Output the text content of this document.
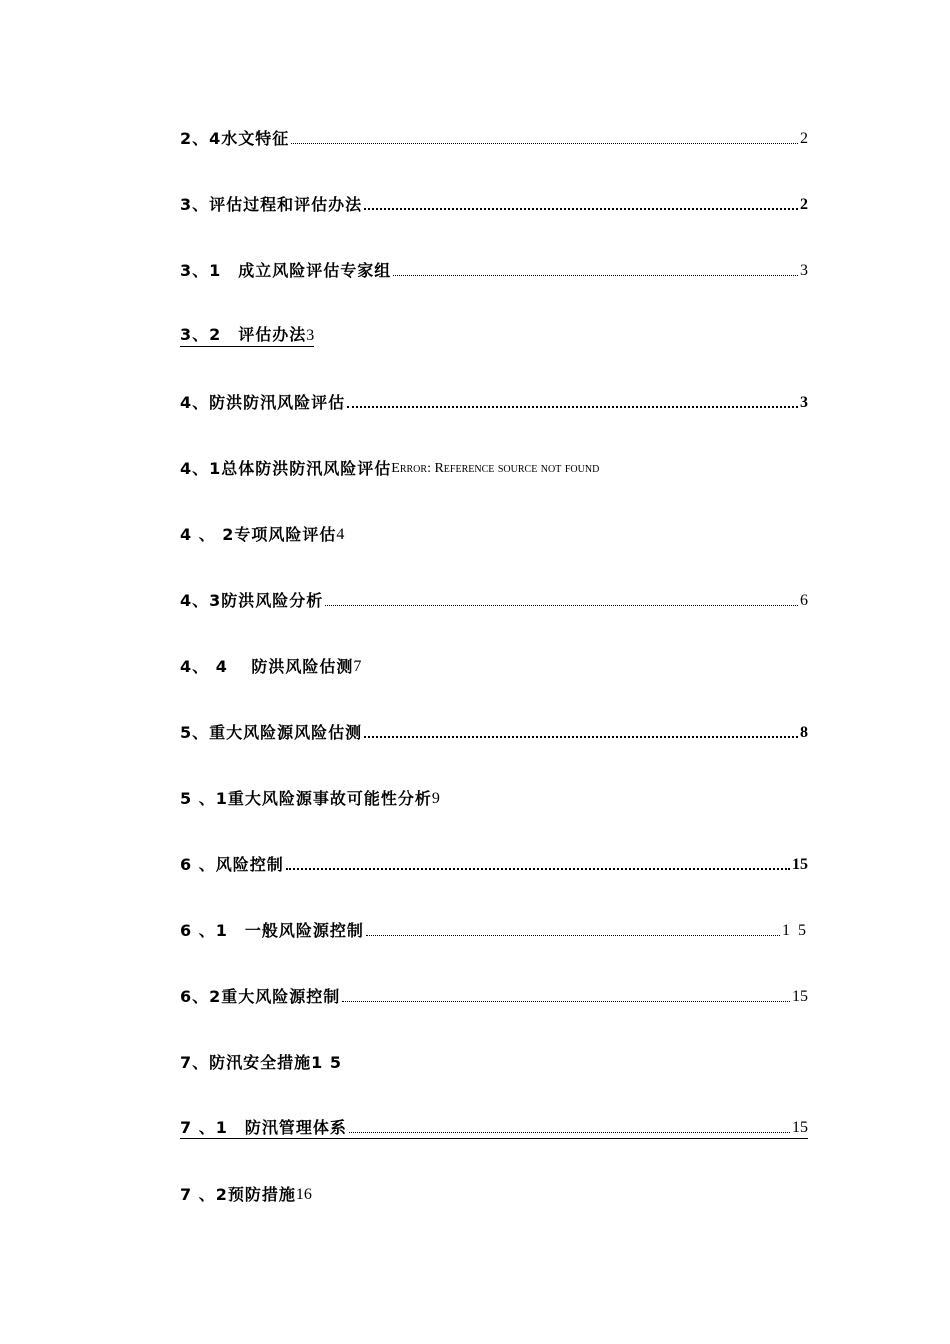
2、4水文特征	2
3、评估过程和评估办法	2
3、1　成立风险评估专家组	3
3、2　评估办法3
4、防洪防汛风险评估	3
4、1总体防洪防汛风险评估 Error: Reference source not found
4 、 2专项风险评估 4
4、3防洪风险分析	6
4、 4 　防洪风险估测 7
5、重大风险源风险估测	8
5 、1重大风险源事故可能性分析 9
6 、风险控制	15
6 、1　一般风险源控制	1 5
6、2重大风险源控制	15
7、防汛安全措施1 5
7 、1　防汛管理体系	15
7 、2预防措施 16
